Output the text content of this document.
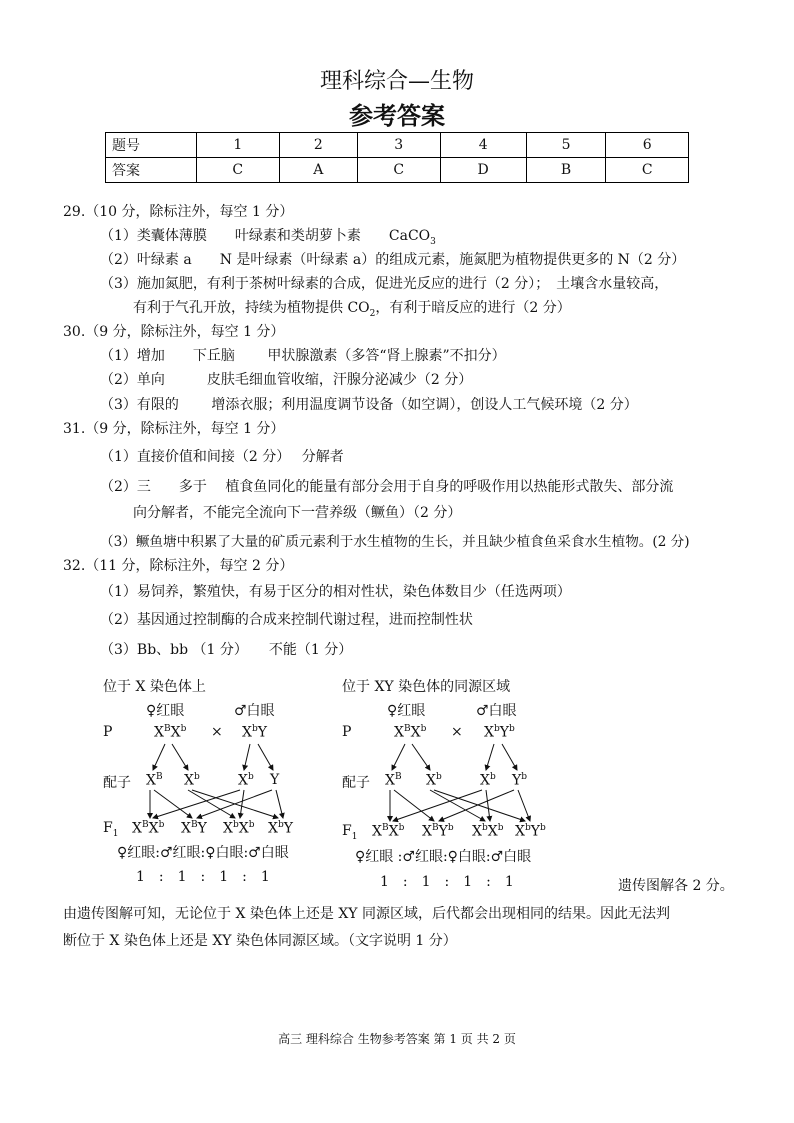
理科综合—生物
参考答案
题号	1	2	3	4	5	6
答案	C	A	C	D	B	C
29.（10 分，除标注外，每空 1 分）
（1）类囊体薄膜　　叶绿素和类胡萝卜素　　CaCO$_3$
（2）叶绿素 a　　N 是叶绿素（叶绿素 a）的组成元素，施氮肥为植物提供更多的 N（2 分）
（3）施加氮肥，有利于茶树叶绿素的合成，促进光反应的进行（2 分）；　土壤含水量较高，
有利于气孔开放，持续为植物提供 $CO_2$，有利于暗反应的进行（2 分）
30.（9 分，除标注外，每空 1 分）
（1）增加　　下丘脑　　 甲状腺激素（多答“肾上腺素”不扣分）
（2）单向　　　皮肤毛细血管收缩，汗腺分泌减少（2 分）
（3）有限的　　 增添衣服；利用温度调节设备（如空调），创设人工气候环境（2 分）
31.（9 分，除标注外，每空 1 分）
（1）直接价值和间接（2 分）　 分解者
（2）三　　多于　 植食鱼同化的能量有部分会用于自身的呼吸作用以热能形式散失、部分流
向分解者，不能完全流向下一营养级（鳜鱼）（2 分）
（3）鳜鱼塘中积累了大量的矿质元素利于水生植物的生长，并且缺少植食鱼采食水生植物。(2 分)
32.（11 分，除标注外，每空 2 分）
（1）易饲养，繁殖快，有易于区分的相对性状，染色体数目少（任选两项）
（2）基因通过控制酶的合成来控制代谢过程，进而控制性状
（3）Bb、bb （1 分）　　不能（1 分）
位于 X 染色体上
♀红眼	♂白眼
P	$X^BX^b \times X^bY$
配子 $X^B$ $X^b$	$X^b$ Y
$F_1$ $X^BX^b$ $X^BY$ $X^bX^b$ $X^bY$
♀红眼:♂红眼:♀白眼:♂白眼
1　:　1　:　1　:　1
位于 XY 染色体的同源区域
♀红眼	♂白眼
P	$X^BX^b \times X^bY^b$
配子 $X^B$ $X^b$	$X^b$ $Y^b$
$F_1$ $X^BX^b$ $X^BY^b$ $X^bX^b$ $X^bY^b$
♀红眼 :♂红眼:♀白眼:♂白眼
1　:　1　:　1　:　1	遗传图解各 2 分。
由遗传图解可知，无论位于 X 染色体上还是 XY 同源区域，后代都会出现相同的结果。因此无法判
断位于 X 染色体上还是 XY 染色体同源区域。（文字说明 1 分）
高三 理科综合 生物参考答案 第 1 页 共 2 页
